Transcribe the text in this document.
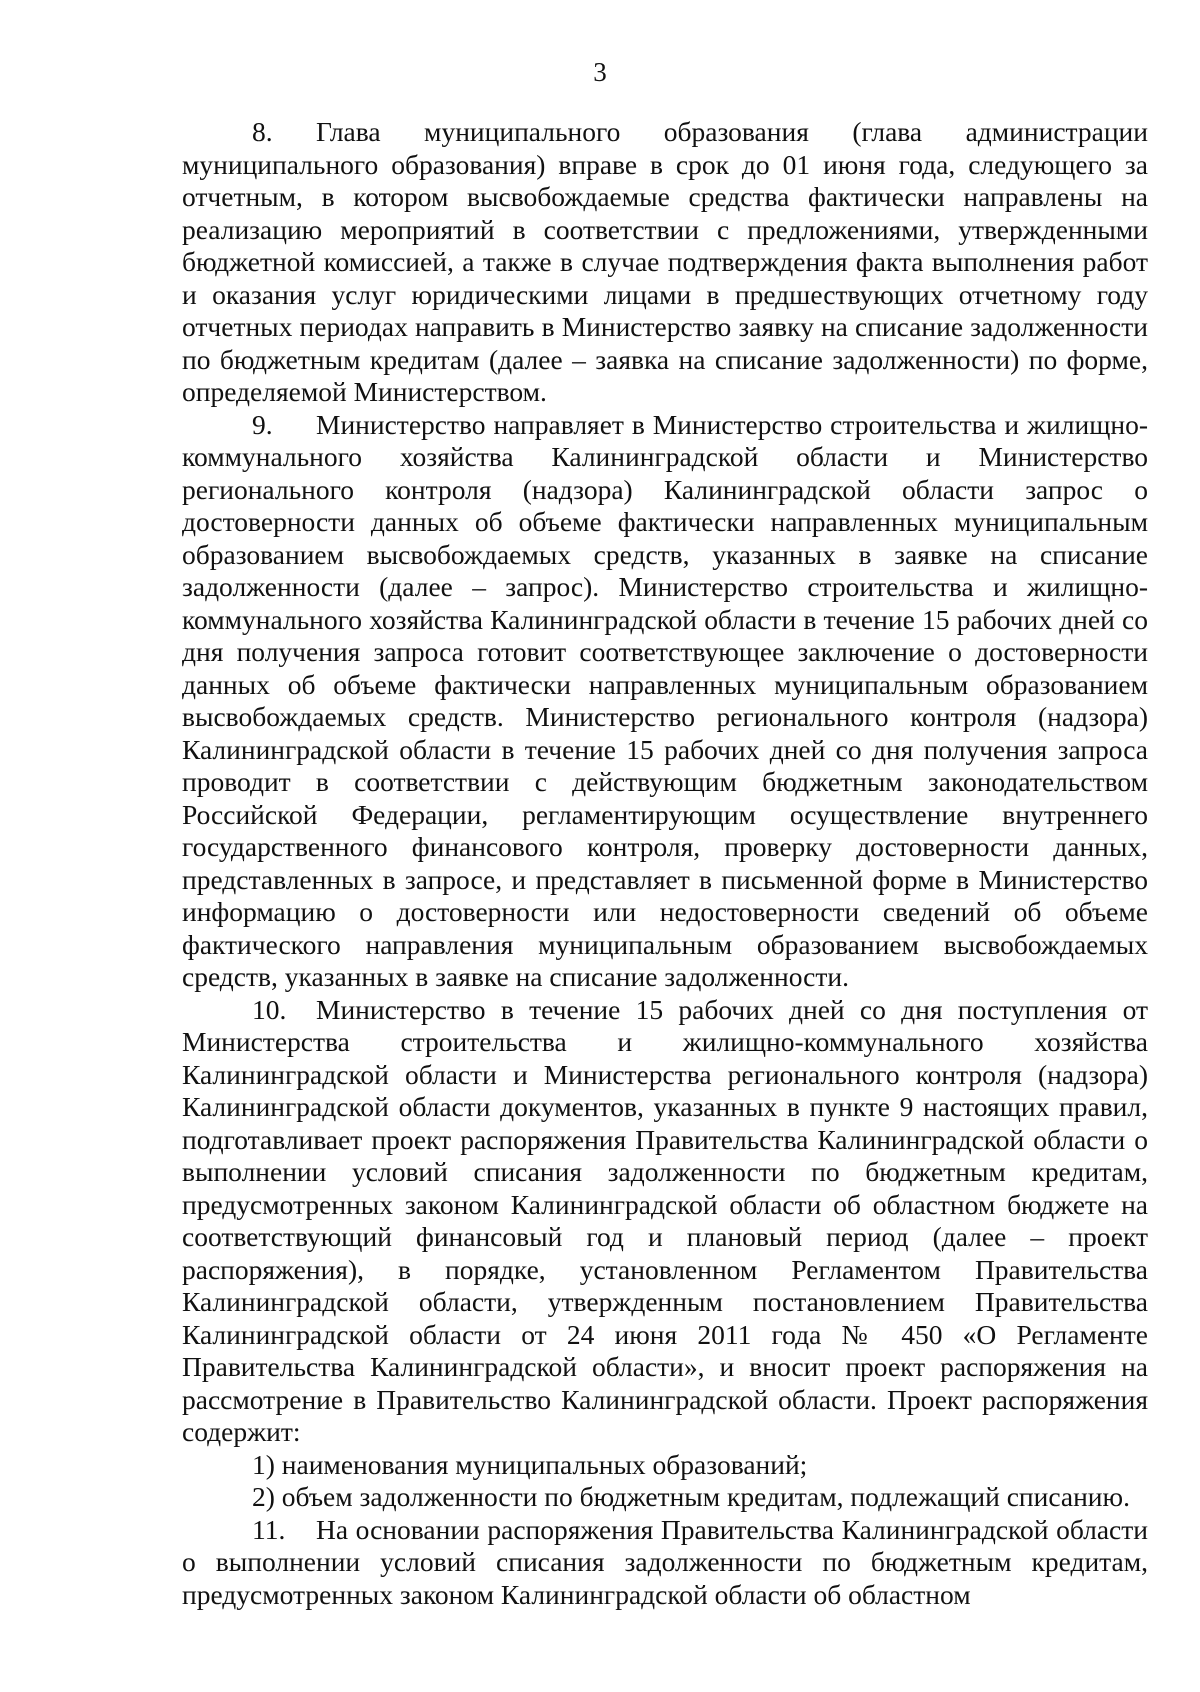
3

8. Глава муниципального образования (глава администрации муниципального образования) вправе в срок до 01 июня года, следующего за отчетным, в котором высвобождаемые средства фактически направлены на реализацию мероприятий в соответствии с предложениями, утвержденными бюджетной комиссией, а также в случае подтверждения факта выполнения работ и оказания услуг юридическими лицами в предшествующих отчетному году отчетных периодах направить в Министерство заявку на списание задолженности по бюджетным кредитам (далее – заявка на списание задолженности) по форме, определяемой Министерством.

9. Министерство направляет в Министерство строительства и жилищно-коммунального хозяйства Калининградской области и Министерство регионального контроля (надзора) Калининградской области запрос о достоверности данных об объеме фактически направленных муниципальным образованием высвобождаемых средств, указанных в заявке на списание задолженности (далее – запрос). Министерство строительства и жилищно-коммунального хозяйства Калининградской области в течение 15 рабочих дней со дня получения запроса готовит соответствующее заключение о достоверности данных об объеме фактически направленных муниципальным образованием высвобождаемых средств. Министерство регионального контроля (надзора) Калининградской области в течение 15 рабочих дней со дня получения запроса проводит в соответствии с действующим бюджетным законодательством Российской Федерации, регламентирующим осуществление внутреннего государственного финансового контроля, проверку достоверности данных, представленных в запросе, и представляет в письменной форме в Министерство информацию о достоверности или недостоверности сведений об объеме фактического направления муниципальным образованием высвобождаемых средств, указанных в заявке на списание задолженности.

10. Министерство в течение 15 рабочих дней со дня поступления от Министерства строительства и жилищно-коммунального хозяйства Калининградской области и Министерства регионального контроля (надзора) Калининградской области документов, указанных в пункте 9 настоящих правил, подготавливает проект распоряжения Правительства Калининградской области о выполнении условий списания задолженности по бюджетным кредитам, предусмотренных законом Калининградской области об областном бюджете на соответствующий финансовый год и плановый период (далее – проект распоряжения), в порядке, установленном Регламентом Правительства Калининградской области, утвержденным постановлением Правительства Калининградской области от 24 июня 2011 года № 450 «О Регламенте Правительства Калининградской области», и вносит проект распоряжения на рассмотрение в Правительство Калининградской области. Проект распоряжения содержит:

1) наименования муниципальных образований;

2) объем задолженности по бюджетным кредитам, подлежащий списанию.

11. На основании распоряжения Правительства Калининградской области о выполнении условий списания задолженности по бюджетным кредитам, предусмотренных законом Калининградской области об областном
